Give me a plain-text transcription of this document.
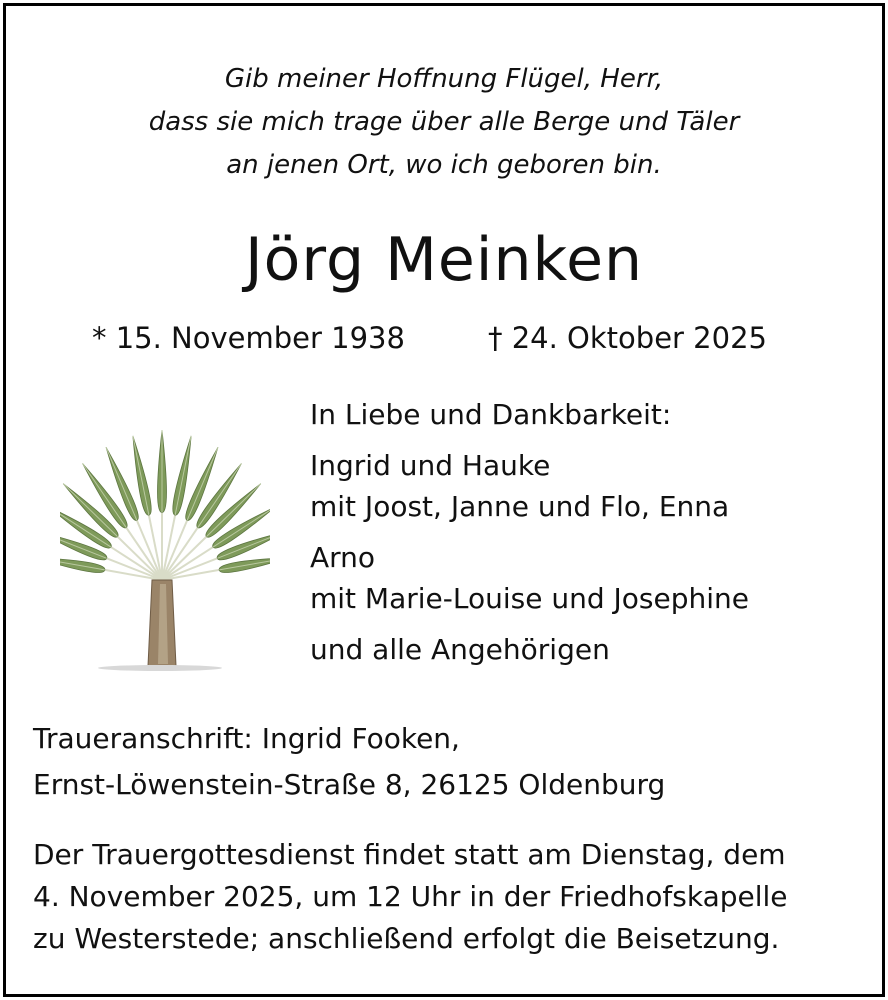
Gib meiner Hoffnung Flügel, Herr,
dass sie mich trage über alle Berge und Täler
an jenen Ort, wo ich geboren bin.
Jörg Meinken
* 15. November 1938	† 24. Oktober 2025
In Liebe und Dankbarkeit:
Ingrid und Hauke
mit Joost, Janne und Flo, Enna
Arno
mit Marie-Louise und Josephine
und alle Angehörigen
Traueranschrift: Ingrid Fooken,
Ernst-Löwenstein-Straße 8, 26125 Oldenburg
Der Trauergottesdienst findet statt am Dienstag, dem
4. November 2025, um 12 Uhr in der Friedhofskapelle
zu Westerstede; anschließend erfolgt die Beisetzung.
